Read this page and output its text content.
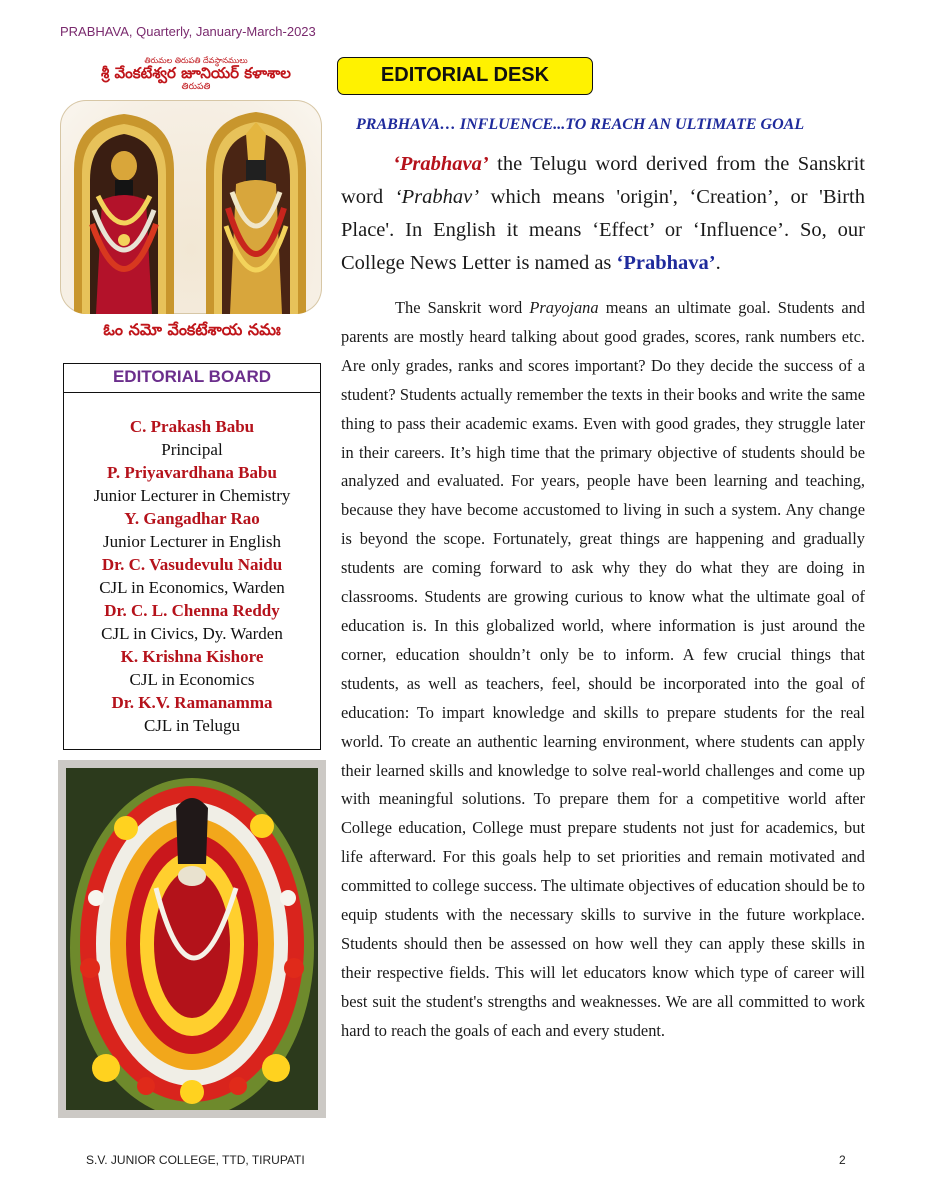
PRABHAVA, Quarterly, January-March-2023
తిరుమల తిరుపతి దేవస్థానములు
శ్రీ వేంకటేశ్వర జూనియర్ కళాశాల
తిరుపతి
ఓం నమో వేంకటేశాయ నమః
EDITORIAL BOARD
C. Prakash Babu
Principal
P. Priyavardhana Babu
Junior Lecturer in Chemistry
Y. Gangadhar Rao
Junior Lecturer in English
Dr. C. Vasudevulu Naidu
CJL in Economics, Warden
Dr. C. L. Chenna Reddy
CJL in Civics, Dy. Warden
K. Krishna Kishore
CJL in Economics
Dr. K.V. Ramanamma
CJL in Telugu
EDITORIAL DESK
PRABHAVA… INFLUENCE...TO REACH AN ULTIMATE GOAL

‘Prabhava’ the Telugu word derived from the Sanskrit word ‘Prabhav’ which means 'origin', ‘Creation’, or 'Birth Place'. In English it means ‘Effect’ or ‘Influence’. So, our College News Letter is named as ‘Prabhava’.

The Sanskrit word Prayojana means an ultimate goal. Students and parents are mostly heard talking about good grades, scores, rank numbers etc. Are only grades, ranks and scores important? Do they decide the success of a student? Students actually remember the texts in their books and write the same thing to pass their academic exams. Even with good grades, they struggle later in their careers. It’s high time that the primary objective of students should be analyzed and evaluated. For years, people have been learning and teaching, because they have become accustomed to living in such a system. Any change is beyond the scope. Fortunately, great things are happening and gradually students are coming forward to ask why they do what they are doing in classrooms. Students are growing curious to know what the ultimate goal of education is. In this globalized world, where information is just around the corner, education shouldn’t only be to inform. A few crucial things that students, as well as teachers, feel, should be incorporated into the goal of education: To impart knowledge and skills to prepare students for the real world. To create an authentic learning environment, where students can apply their learned skills and knowledge to solve real-world challenges and come up with meaningful solutions. To prepare them for a competitive world after College education, College must prepare students not just for academics, but life afterward. For this goals help to set priorities and remain motivated and committed to college success. The ultimate objectives of education should be to equip students with the necessary skills to survive in the future workplace. Students should then be assessed on how well they can apply these skills in their respective fields. This will let educators know which type of career will best suit the student's strengths and weaknesses. We are all committed to work hard to reach the goals of each and every student.

S.V. JUNIOR COLLEGE, TTD, TIRUPATI	2
